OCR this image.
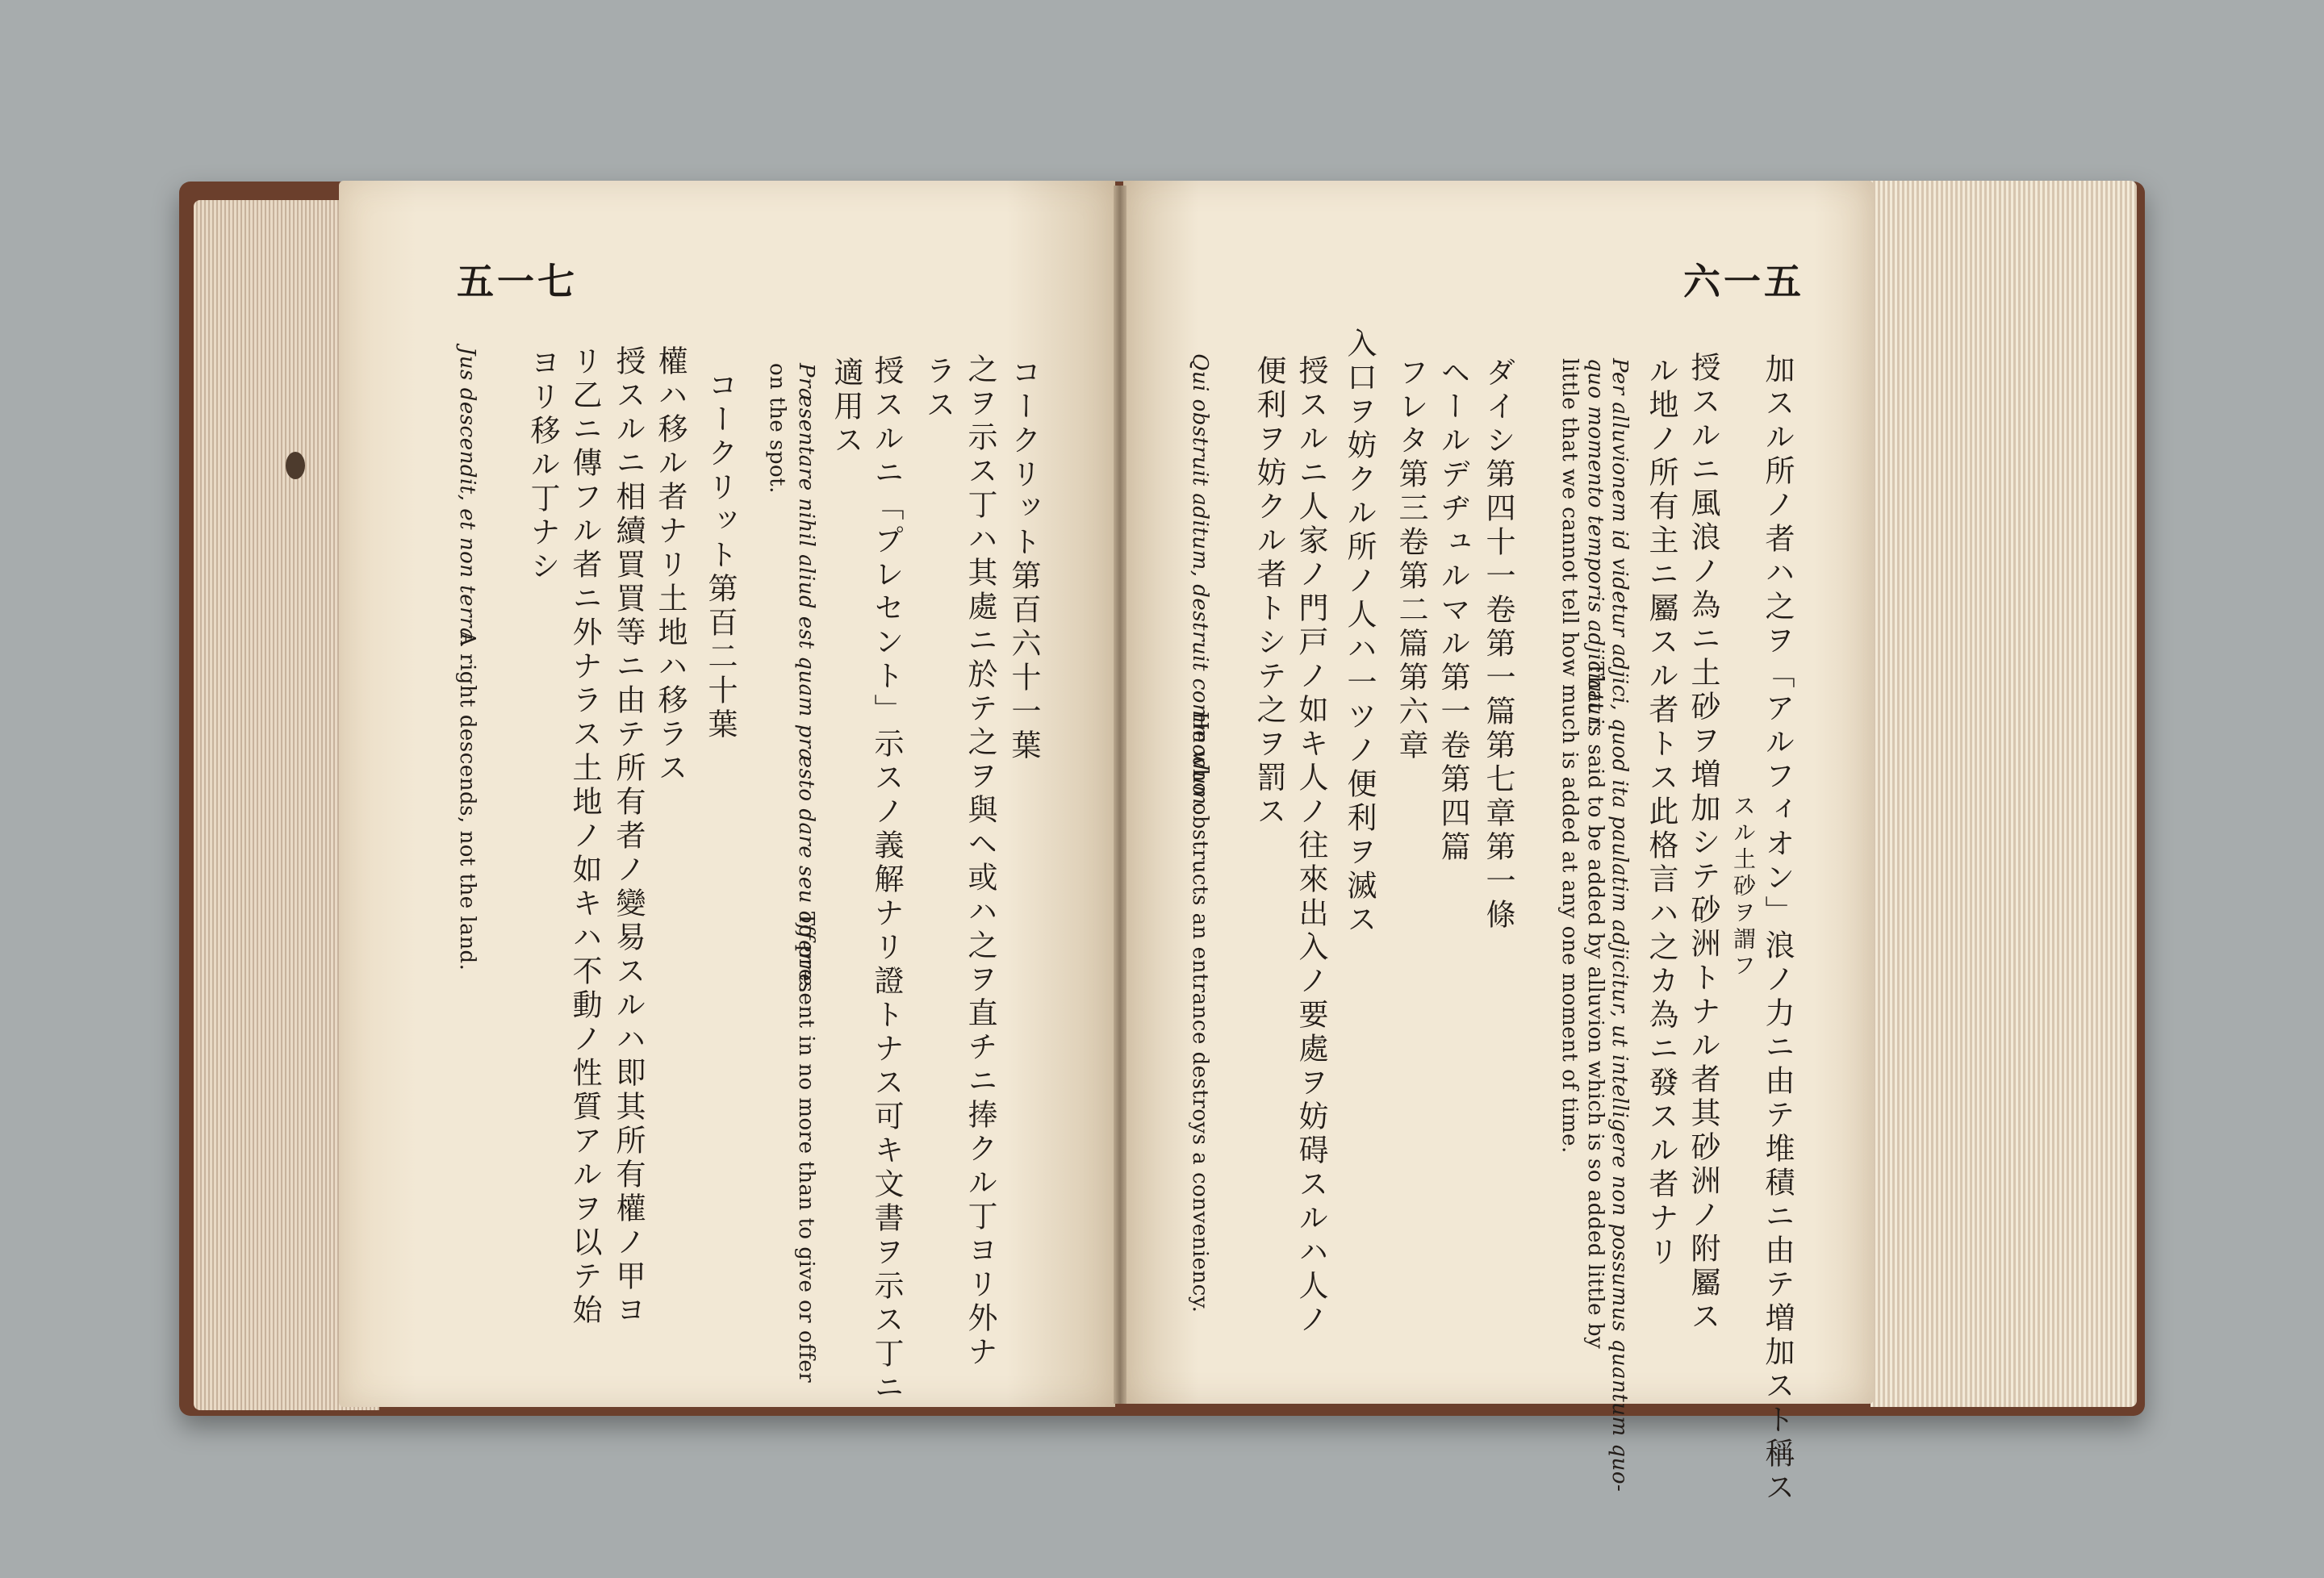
五一七
コークリット第百六十一葉
之ヲ示ス丁ハ其處ニ於テ之ヲ與ヘ或ハ之ヲ直チニ捧クル丁ヨリ外ナ
ラス
授スルニ「プレセント」示スノ義解ナリ證トナス可キ文書ヲ示ス丁ニ
適用ス
Præsentare nihil aliud est quam præsto dare seu offerre.
To present in no more than to give or offer
on the spot.
コークリット第百二十葉
權ハ移ル者ナリ土地ハ移ラス
授スルニ相續買買等ニ由テ所有者ノ變易スルハ即其所有權ノ甲ヨ
リ乙ニ傳フル者ニ外ナラス土地ノ如キハ不動ノ性質アルヲ以テ始
ヨリ移ル丁ナシ
Jus descendit, et non terra.
A right descends, not the land.
六一五
加スル所ノ者ハ之ヲ「アルフィオン」浪ノ力ニ由テ堆積ニ由テ増加スト稱ス
スル土砂ヲ謂フ
授スルニ風浪ノ為ニ土砂ヲ増加シテ砂洲トナル者其砂洲ノ附屬ス
ル地ノ所有主ニ屬スル者トス此格言ハ之カ為ニ發スル者ナリ
Per alluvionem id videtur adjici, quod ita paulatim adjicitur, ut intelligere non possumus quantum quo-
quo momento temporis adjiciatur.
That is said to be added by alluvion which is so added little by
little that we cannot tell how much is added at any one moment of time.
ダイシ第四十一卷第一篇第七章第一條
ヘールデヂュルマル第一卷第四篇
フレタ第三卷第二篇第六章
入口ヲ妨クル所ノ人ハ一ツノ便利ヲ滅ス
授スルニ人家ノ門戸ノ如キ人ノ往來出入ノ要處ヲ妨碍スルハ人ノ
便利ヲ妨クル者トシテ之ヲ罰ス
Qui obstruit aditum, destruit commodum.
He who obstructs an entrance destroys a conveniency.
